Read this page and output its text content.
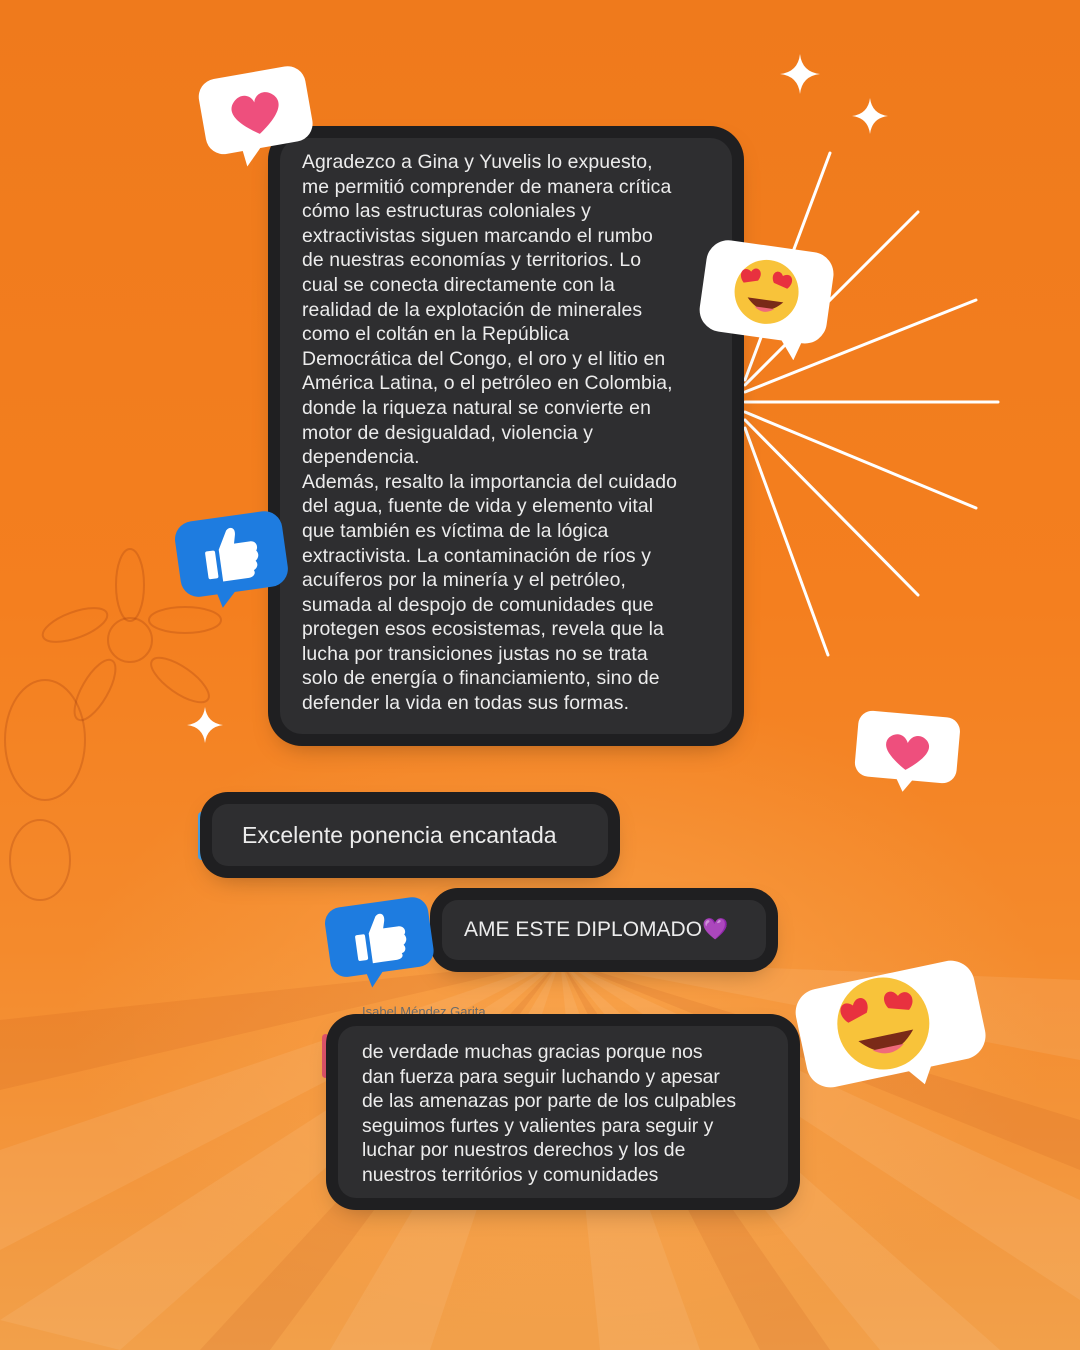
Agradezco a Gina y Yuvelis lo expuesto,
me permitió comprender de manera crítica
cómo las estructuras coloniales y
extractivistas siguen marcando el rumbo
de nuestras economías y territorios. Lo
cual se conecta directamente con la
realidad de la explotación de minerales
como el coltán en la República
Democrática del Congo, el oro y el litio en
América Latina, o el petróleo en Colombia,
donde la riqueza natural se convierte en
motor de desigualdad, violencia y
dependencia.
Además, resalto la importancia del cuidado
del agua, fuente de vida y elemento vital
que también es víctima de la lógica
extractivista. La contaminación de ríos y
acuíferos por la minería y el petróleo,
sumada al despojo de comunidades que
protegen esos ecosistemas, revela que la
lucha por transiciones justas no se trata
solo de energía o financiamiento, sino de
defender la vida en todas sus formas.
Excelente ponencia encantada
AME ESTE DIPLOMADO💜
Isabel Méndez Garita
de verdade muchas gracias porque nos
dan fuerza para seguir luchando y apesar
de las amenazas por parte de los culpables
seguimos furtes y valientes para seguir y
luchar por nuestros derechos y los de
nuestros territórios y comunidades
